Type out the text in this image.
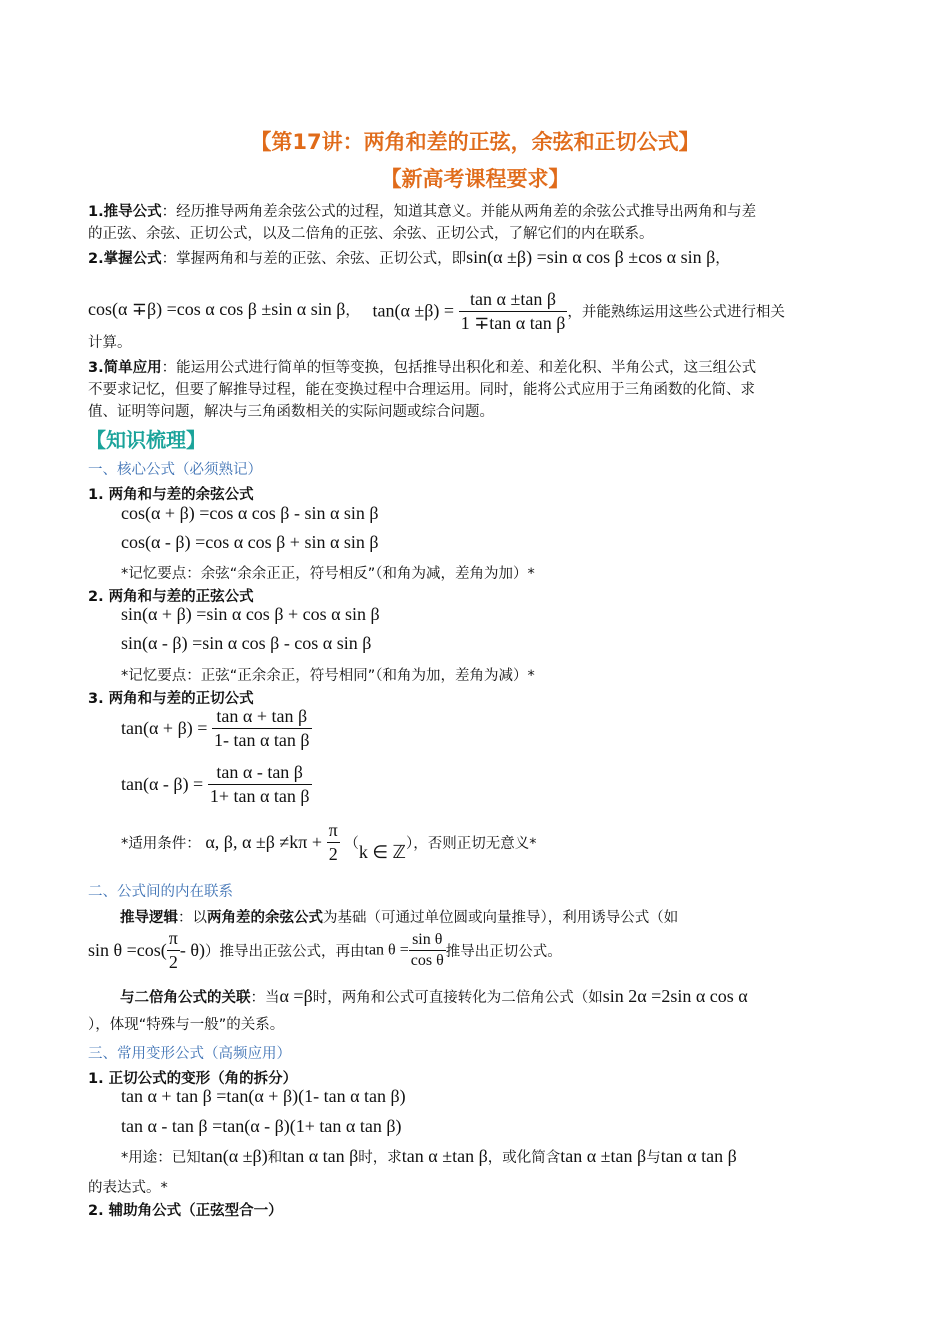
【第17讲：两角和差的正弦，余弦和正切公式】
【新高考课程要求】
1.推导公式：经历推导两角差余弦公式的过程，知道其意义。并能从两角差的余弦公式推导出两角和与差
的正弦、余弦、正切公式，以及二倍角的正弦、余弦、正切公式，了解它们的内在联系。
2.掌握公式：掌握两角和与差的正弦、余弦、正切公式，即sin(α ±β) =sin α cos β ±cos α sin β，
cos(α ∓β) =cos α cos β ±sin α sin β， $\tan(\alpha \pm\beta) = \frac{\text{tan α ±tan β}}{\text{1 ∓tan α tan β}}$ ，并能熟练运用这些公式进行相关
计算。
3.简单应用：能运用公式进行简单的恒等变换，包括推导出积化和差、和差化积、半角公式，这三组公式
不要求记忆，但要了解推导过程，能在变换过程中合理运用。同时，能将公式应用于三角函数的化简、求
值、证明等问题，解决与三角函数相关的实际问题或综合问题。
【知识梳理】
一、核心公式（必须熟记）
1. 两角和与差的余弦公式
cos(α + β) =cos α cos β - sin α sin β
cos(α - β) =cos α cos β + sin α sin β
*记忆要点：余弦“余余正正，符号相反”（和角为减，差角为加）*
2. 两角和与差的正弦公式
sin(α + β) =sin α cos β + cos α sin β
sin(α - β) =sin α cos β - cos α sin β
*记忆要点：正弦“正余余正，符号相同”（和角为加，差角为减）*
3. 两角和与差的正切公式
$\tan(\alpha + \beta) = \frac{\text{tan α + tan β}}{\text{1- tan α tan β}}$
$\tan(\alpha - \beta) = \frac{\text{tan α - tan β}}{\text{1+ tan α tan β}}$
*适用条件： α, β, $\alpha \pm\beta \ne k\pi + \frac{\pi}{2} (k$ ∈ ℤ），否则正切无意义*
二、公式间的内在联系
推导逻辑：以两角差的余弦公式为基础（可通过单位圆或向量推导），利用诱导公式（如
$\sin \theta =\cos( \frac{\pi}{2} - \theta)$）推导出正弦公式，再由$\tan \theta = \frac{\text{sin θ}}{\text{cos θ}}$ 推导出正切公式。
与二倍角公式的关联：当α =β时，两角和公式可直接转化为二倍角公式（如sin 2α =2sin α cos α
），体现“特殊与一般”的关系。
三、常用变形公式（高频应用）
1. 正切公式的变形（角的拆分）
tan α + tan β =tan(α + β)(1- tan α tan β)
tan α - tan β =tan(α - β)(1+ tan α tan β)
*用途：已知tan(α ±β)和tan α tan β时，求tan α ±tan β，或化简含tan α ±tan β与tan α tan β
的表达式。*
2. 辅助角公式（正弦型合一）
